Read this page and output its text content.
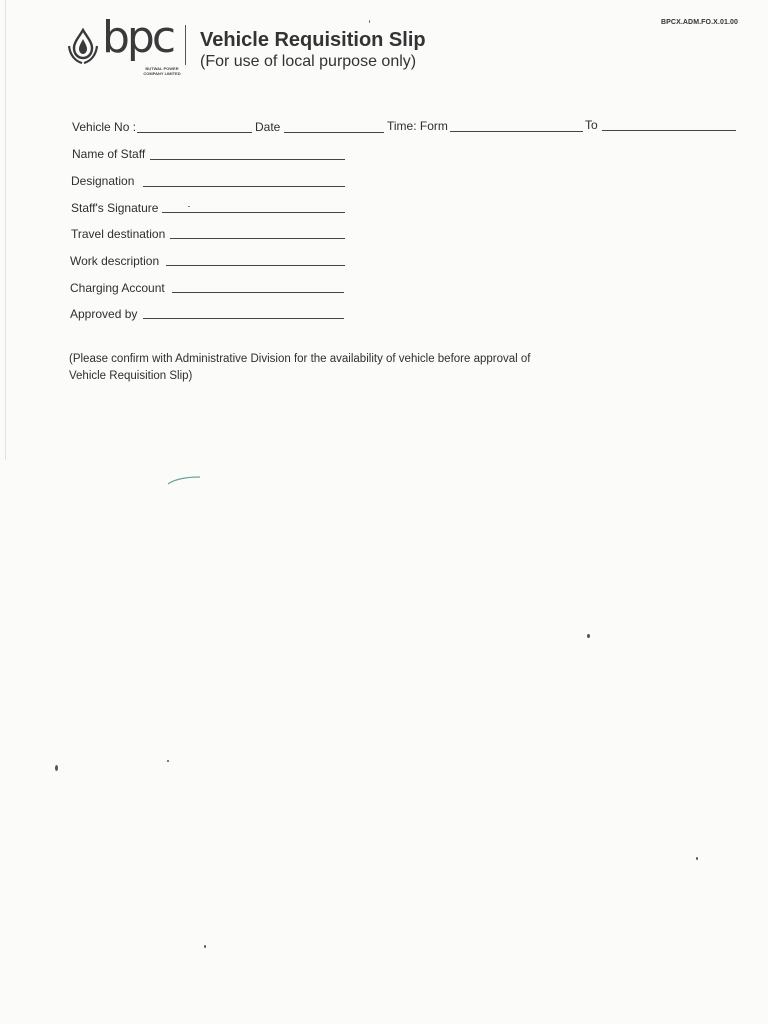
BPCX.ADM.FO.X.01.00
bpc
BUTWAL POWER
COMPANY LIMITED
Vehicle Requisition Slip
(For use of local purpose only)
Vehicle No :	Date	Time: Form	To
Name of Staff
Designation
Staff's Signature
Travel destination
Work description
Charging Account
Approved by
(Please confirm with Administrative Division for the availability of vehicle before approval of
Vehicle Requisition Slip)
